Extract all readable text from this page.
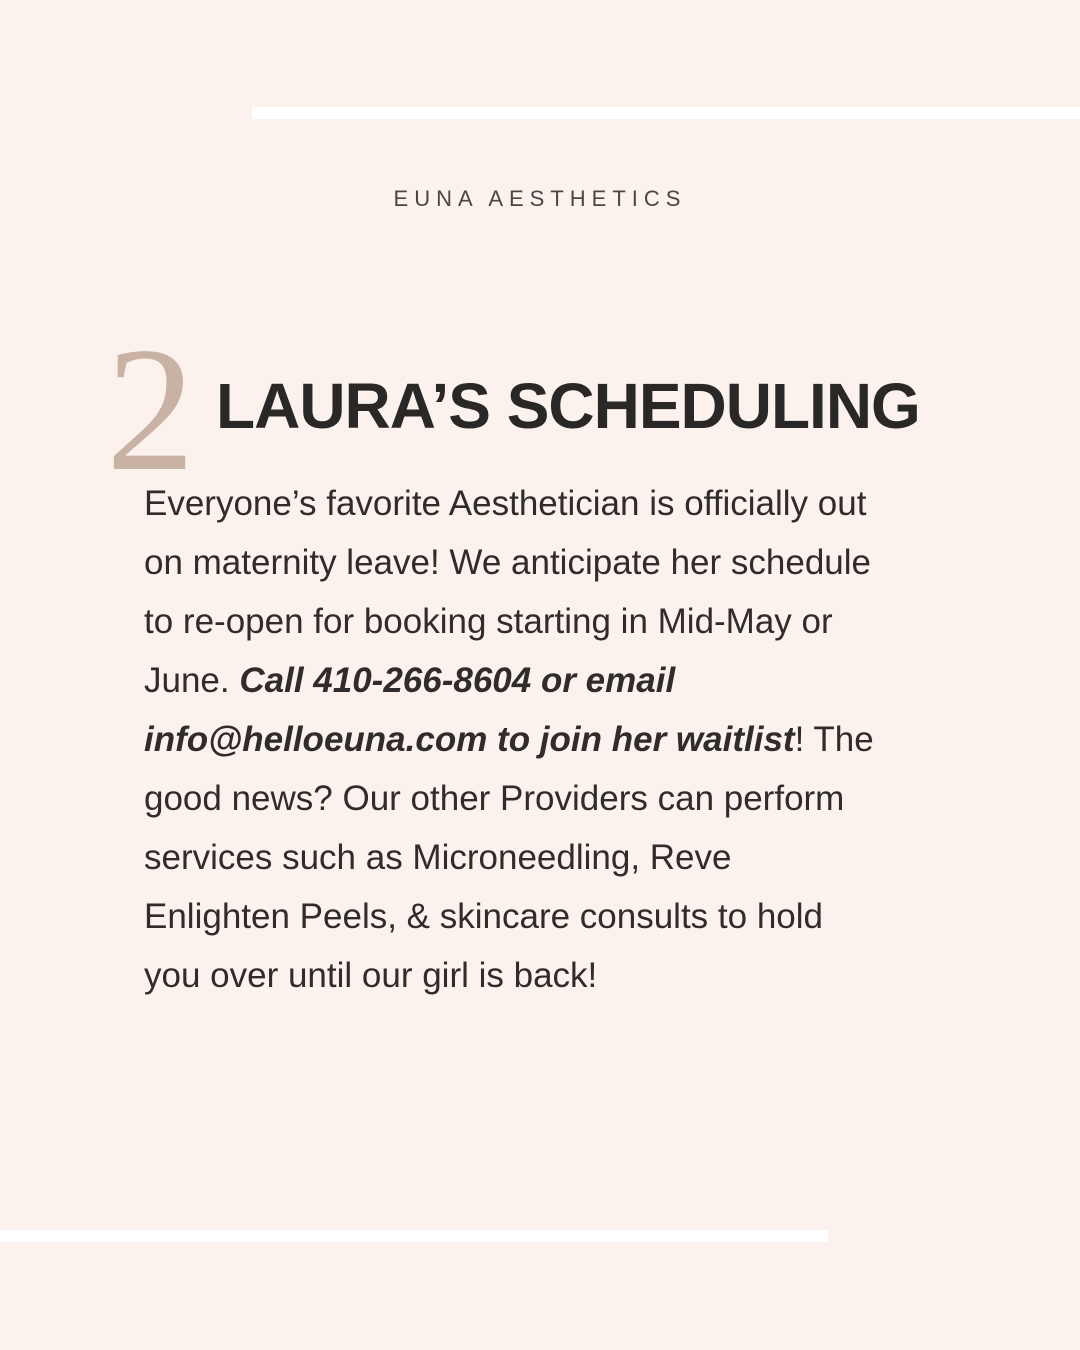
EUNA AESTHETICS

2 LAURA’S SCHEDULING

Everyone’s favorite Aesthetician is officially out on maternity leave! We anticipate her schedule to re-open for booking starting in Mid-May or June. Call 410-266-8604 or email info@helloeuna.com to join her waitlist! The good news? Our other Providers can perform services such as Microneedling, Reve Enlighten Peels, & skincare consults to hold you over until our girl is back!
